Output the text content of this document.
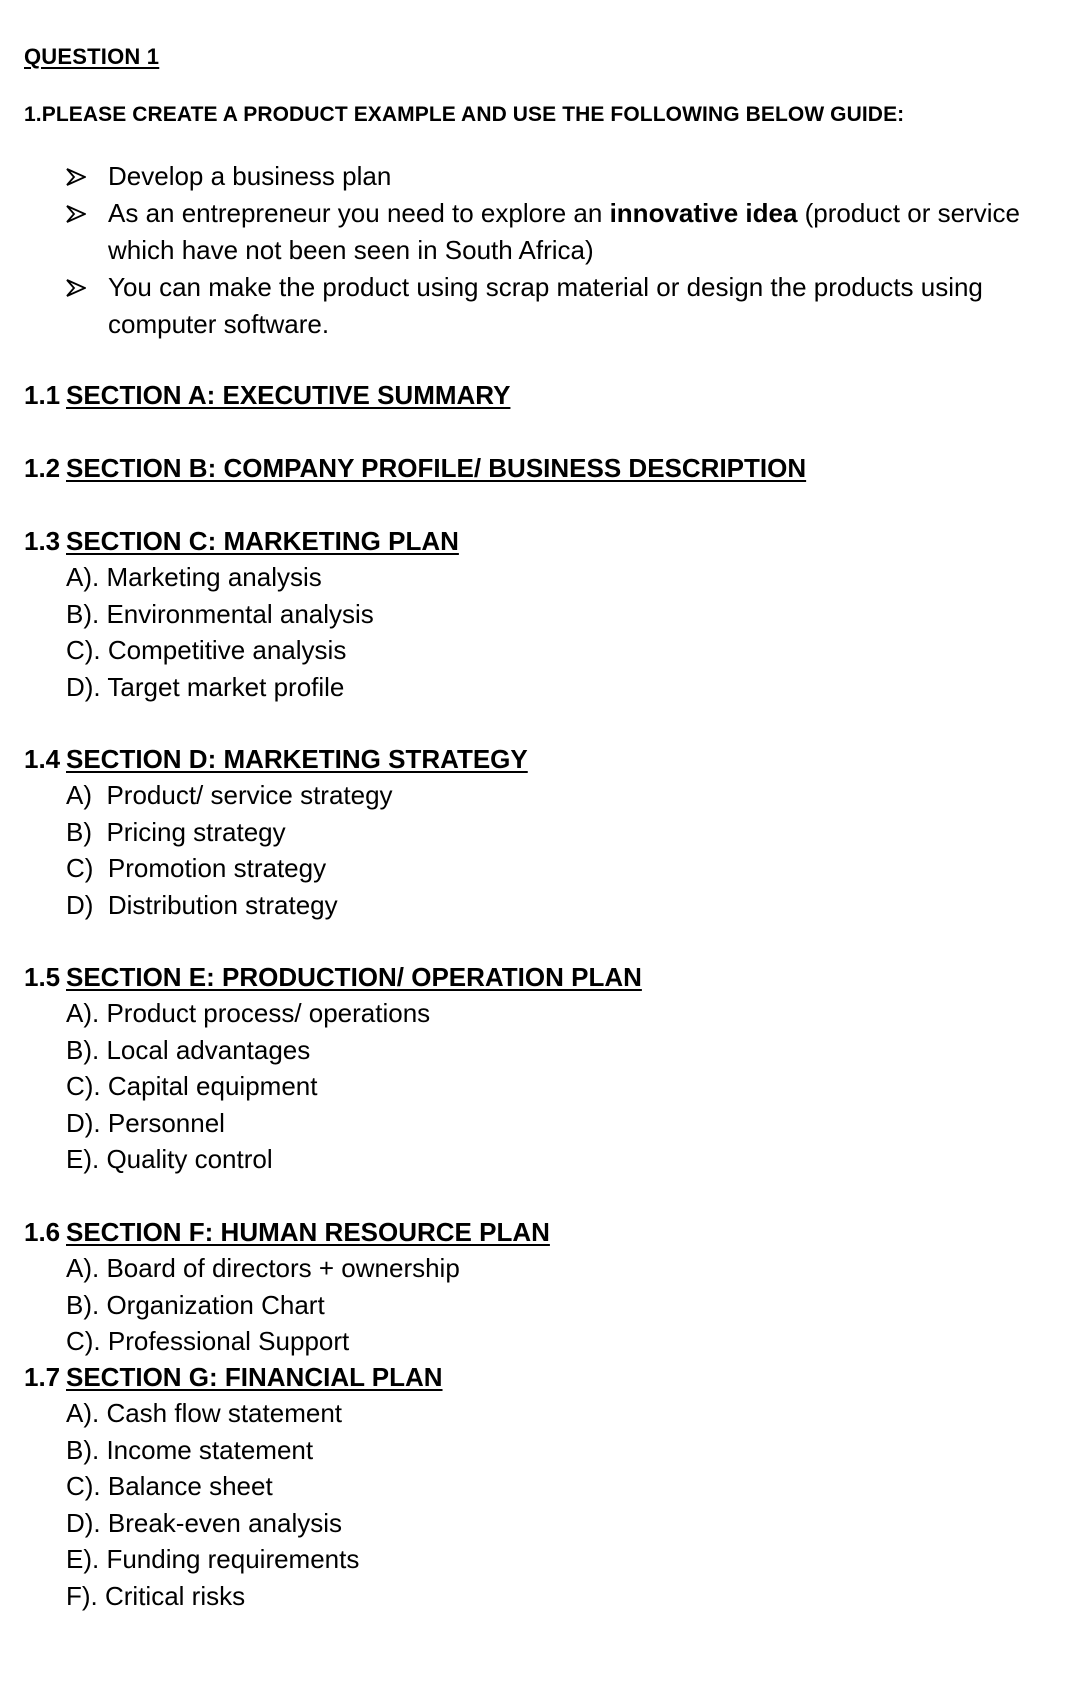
QUESTION 1
1.PLEASE CREATE A PRODUCT EXAMPLE AND USE THE FOLLOWING BELOW GUIDE:
Develop a business plan
As an entrepreneur you need to explore an innovative idea (product or service which have not been seen in South Africa)
You can make the product using scrap material or design the products using computer software.
1.1 SECTION A: EXECUTIVE SUMMARY
1.2 SECTION B: COMPANY PROFILE/ BUSINESS DESCRIPTION
1.3 SECTION C: MARKETING PLAN
A). Marketing analysis
B). Environmental analysis
C). Competitive analysis
D). Target market profile
1.4 SECTION D: MARKETING STRATEGY
A)  Product/ service strategy
B)  Pricing strategy
C)  Promotion strategy
D)  Distribution strategy
1.5 SECTION E: PRODUCTION/ OPERATION PLAN
A). Product process/ operations
B). Local advantages
C). Capital equipment
D). Personnel
E). Quality control
1.6 SECTION F: HUMAN RESOURCE PLAN
A). Board of directors + ownership
B). Organization Chart
C). Professional Support
1.7 SECTION G: FINANCIAL PLAN
A). Cash flow statement
B). Income statement
C). Balance sheet
D). Break-even analysis
E). Funding requirements
F). Critical risks
